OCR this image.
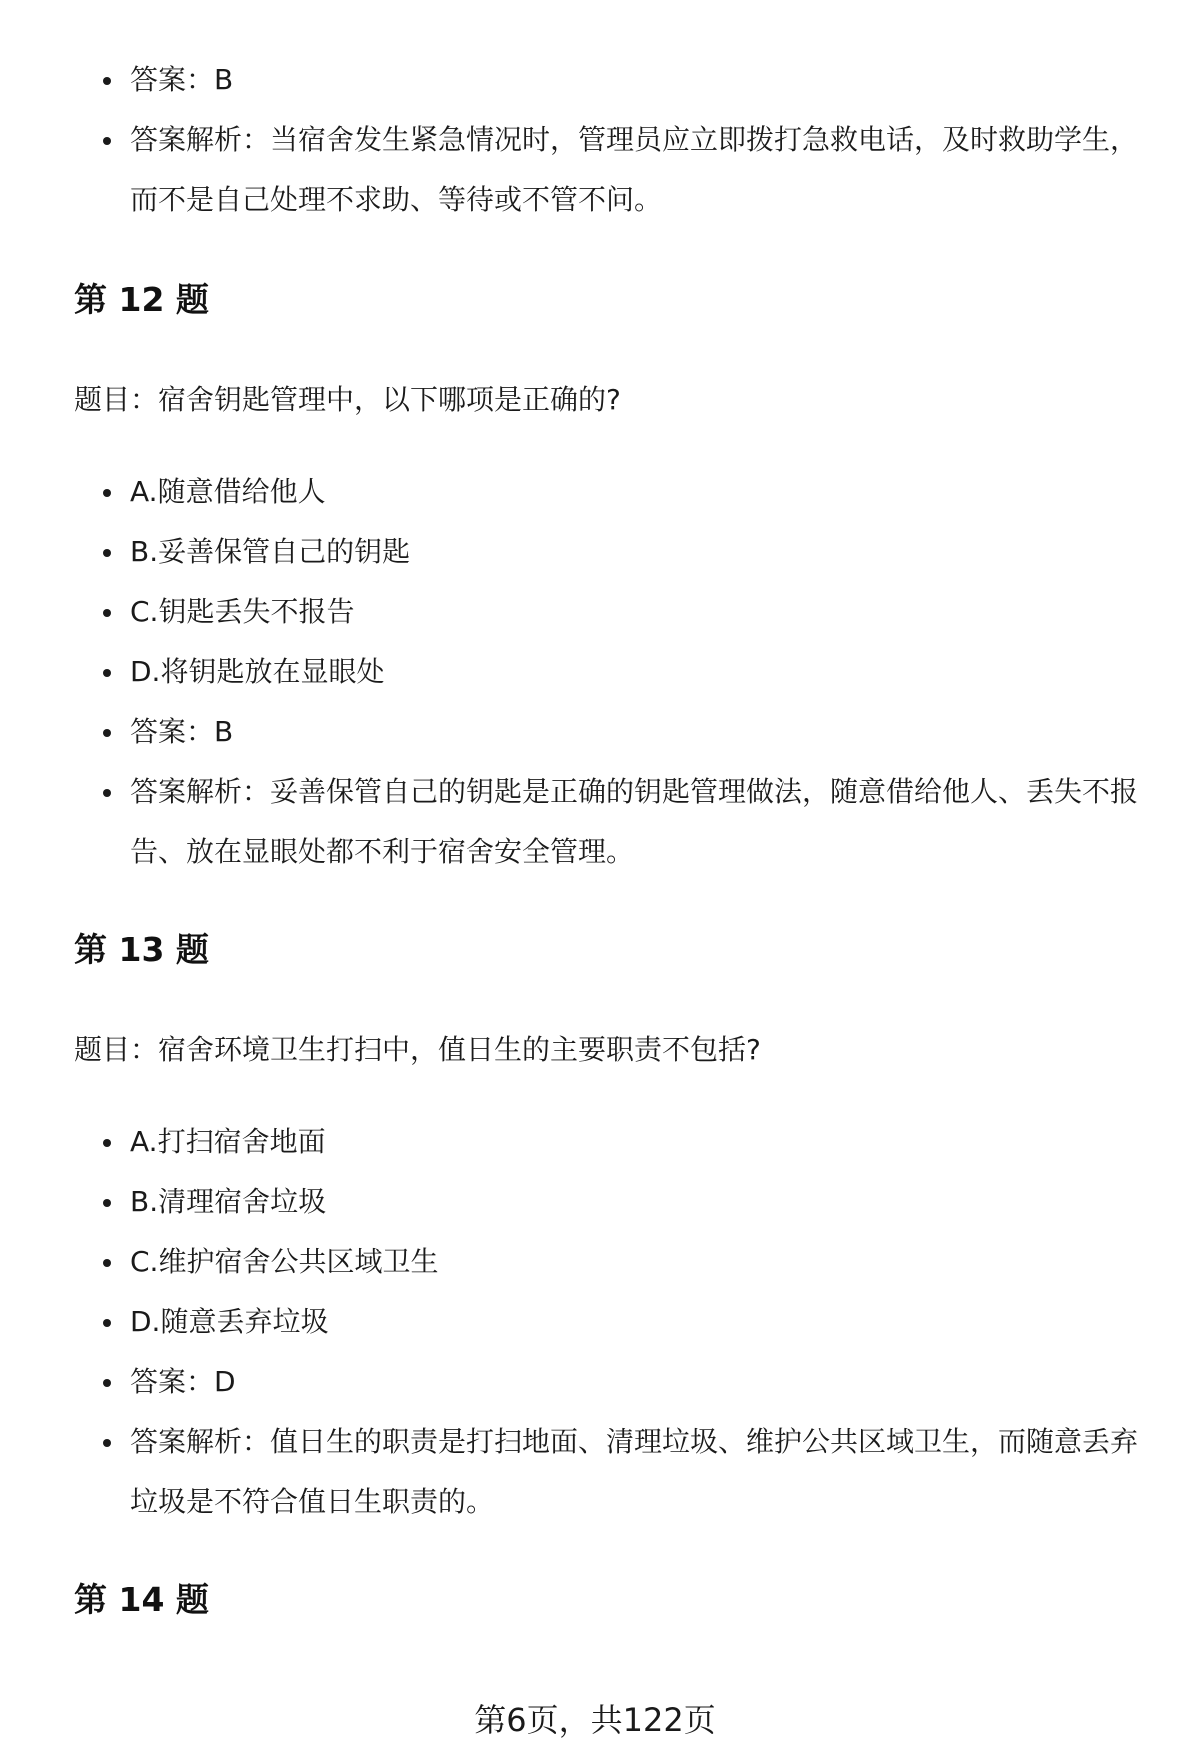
答案：B
答案解析：当宿舍发生紧急情况时，管理员应立即拨打急救电话，及时救助学生，而不是自己处理不求助、等待或不管不问。
第 12 题

题目：宿舍钥匙管理中，以下哪项是正确的?

A.随意借给他人
B.妥善保管自己的钥匙
C.钥匙丢失不报告
D.将钥匙放在显眼处
答案：B
答案解析：妥善保管自己的钥匙是正确的钥匙管理做法，随意借给他人、丢失不报告、放在显眼处都不利于宿舍安全管理。
第 13 题

题目：宿舍环境卫生打扫中，值日生的主要职责不包括?

A.打扫宿舍地面
B.清理宿舍垃圾
C.维护宿舍公共区域卫生
D.随意丢弃垃圾
答案：D
答案解析：值日生的职责是打扫地面、清理垃圾、维护公共区域卫生，而随意丢弃垃圾是不符合值日生职责的。
第 14 题
第6页，共122页
